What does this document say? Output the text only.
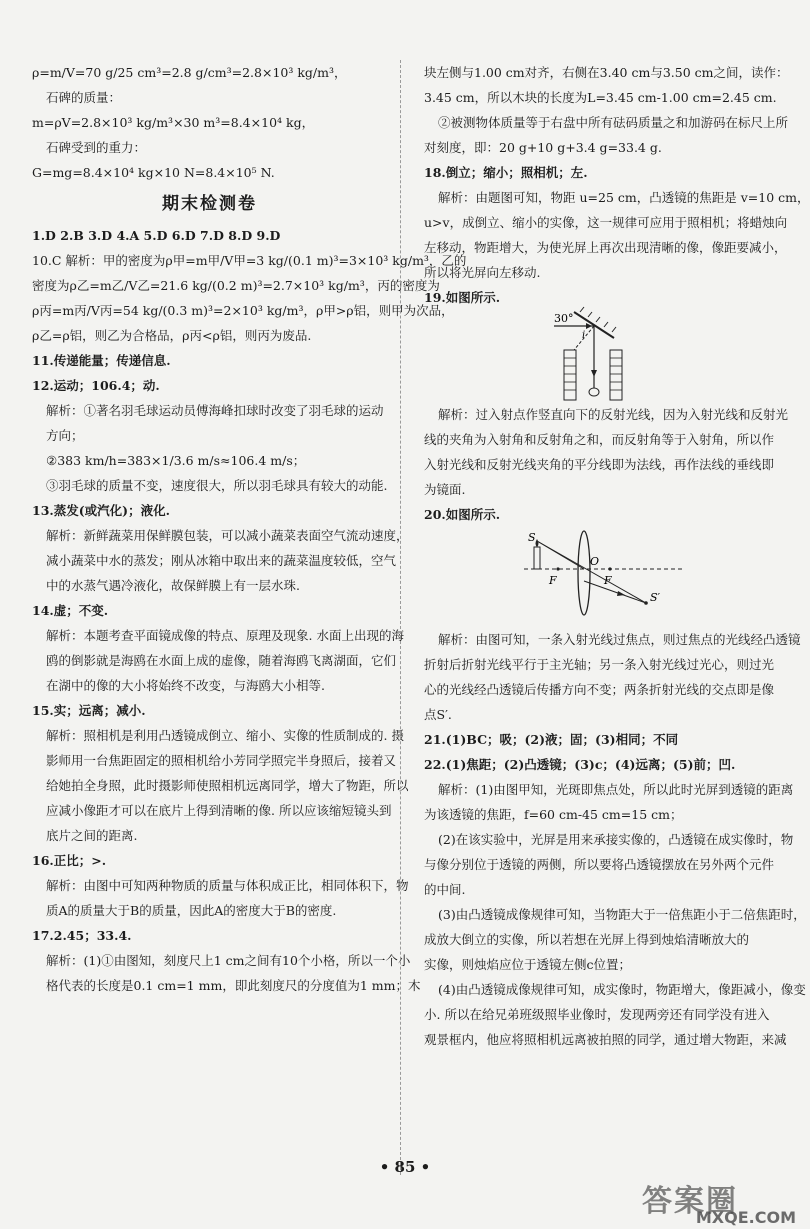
ρ=m/V=70 g/25 cm³=2.8 g/cm³=2.8×10³ kg/m³，
石碑的质量：
m=ρV=2.8×10³ kg/m³×30 m³=8.4×10⁴ kg，
石碑受到的重力：
G=mg=8.4×10⁴ kg×10 N=8.4×10⁵ N.
期末检测卷
1.D 2.B 3.D 4.A 5.D 6.D 7.D 8.D 9.D
10.C 解析：甲的密度为ρ甲=m甲/V甲=3 kg/(0.1 m)³=3×10³ kg/m³，乙的
密度为ρ乙=m乙/V乙=21.6 kg/(0.2 m)³=2.7×10³ kg/m³，丙的密度为
ρ丙=m丙/V丙=54 kg/(0.3 m)³=2×10³ kg/m³，ρ甲>ρ铝，则甲为次品，
ρ乙=ρ铝，则乙为合格品，ρ丙<ρ铝，则丙为废品.
11.传递能量；传递信息.
12.运动；106.4；动.
解析：①著名羽毛球运动员傅海峰扣球时改变了羽毛球的运动
方向；
②383 km/h=383×1/3.6 m/s≈106.4 m/s；
③羽毛球的质量不变，速度很大，所以羽毛球具有较大的动能.
13.蒸发(或汽化)；液化.
解析：新鲜蔬菜用保鲜膜包装，可以减小蔬菜表面空气流动速度，
减小蔬菜中水的蒸发；刚从冰箱中取出来的蔬菜温度较低，空气
中的水蒸气遇冷液化，故保鲜膜上有一层水珠.
14.虚；不变.
解析：本题考查平面镜成像的特点、原理及现象. 水面上出现的海
鸥的倒影就是海鸥在水面上成的虚像，随着海鸥飞离湖面，它们
在湖中的像的大小将始终不改变，与海鸥大小相等.
15.实；远离；减小.
解析：照相机是利用凸透镜成倒立、缩小、实像的性质制成的. 摄
影师用一台焦距固定的照相机给小芳同学照完半身照后，接着又
给她拍全身照，此时摄影师使照相机远离同学，增大了物距，所以
应减小像距才可以在底片上得到清晰的像. 所以应该缩短镜头到
底片之间的距离.
16.正比；>.
解析：由图中可知两种物质的质量与体积成正比，相同体积下，物
质A的质量大于B的质量，因此A的密度大于B的密度.
17.2.45；33.4.
解析：(1)①由图知，刻度尺上1 cm之间有10个小格，所以一个小
格代表的长度是0.1 cm=1 mm，即此刻度尺的分度值为1 mm；木
块左侧与1.00 cm对齐，右侧在3.40 cm与3.50 cm之间，读作：
3.45 cm，所以木块的长度为L=3.45 cm-1.00 cm=2.45 cm.
②被测物体质量等于右盘中所有砝码质量之和加游码在标尺上所
对刻度，即：20 g+10 g+3.4 g=33.4 g.
18.倒立；缩小；照相机；左.
解析：由题图可知，物距 u=25 cm，凸透镜的焦距是 v=10 cm，
u>v，成倒立、缩小的实像，这一规律可应用于照相机；将蜡烛向
左移动，物距增大，为使光屏上再次出现清晰的像，像距要减小，
所以将光屏向左移动.
19.如图所示.
30°
i
解析：过入射点作竖直向下的反射光线，因为入射光线和反射光
线的夹角为入射角和反射角之和，而反射角等于入射角，所以作
入射光线和反射光线夹角的平分线即为法线，再作法线的垂线即
为镜面.
20.如图所示.
S
F
O
F
S′
解析：由图可知，一条入射光线过焦点，则过焦点的光线经凸透镜
折射后折射光线平行于主光轴；另一条入射光线过光心，则过光
心的光线经凸透镜后传播方向不变；两条折射光线的交点即是像
点S′.
21.(1)BC；吸；(2)液；固；(3)相同；不同
22.(1)焦距；(2)凸透镜；(3)c；(4)远离；(5)前；凹.
解析：(1)由图甲知，光斑即焦点处，所以此时光屏到透镜的距离
为该透镜的焦距，f=60 cm-45 cm=15 cm；
(2)在该实验中，光屏是用来承接实像的，凸透镜在成实像时，物
与像分别位于透镜的两侧，所以要将凸透镜摆放在另外两个元件
的中间.
(3)由凸透镜成像规律可知，当物距大于一倍焦距小于二倍焦距时，
成放大倒立的实像，所以若想在光屏上得到烛焰清晰放大的
实像，则烛焰应位于透镜左侧c位置；
(4)由凸透镜成像规律可知，成实像时，物距增大，像距减小，像变
小. 所以在给兄弟班级照毕业像时，发现两旁还有同学没有进入
观景框内，他应将照相机远离被拍照的同学，通过增大物距，来减
• 85 •
答案圈
MXQE.COM
